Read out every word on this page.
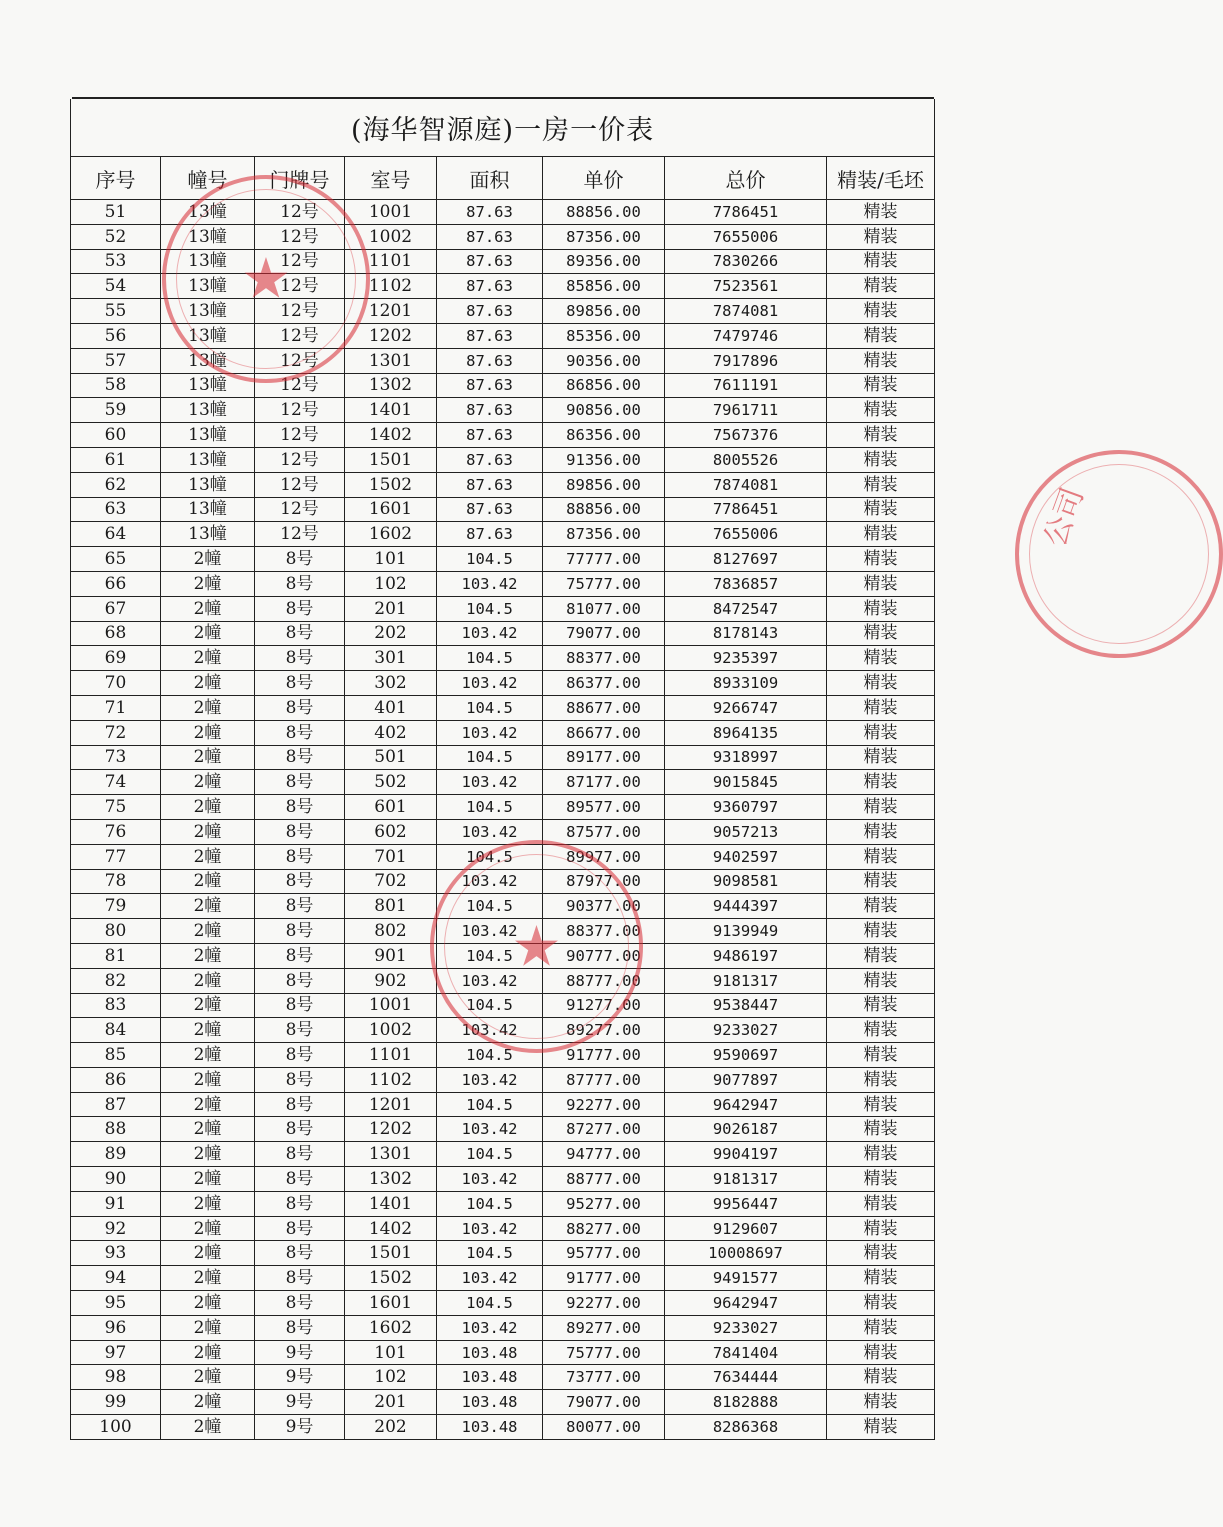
(海华智源庭)一房一价表							
序号	幢号	门牌号	室号	面积	单价	总价	精装/毛坯
51	13幢	12号	1001	87.63	88856.00	7786451	精装
52	13幢	12号	1002	87.63	87356.00	7655006	精装
53	13幢	12号	1101	87.63	89356.00	7830266	精装
54	13幢	12号	1102	87.63	85856.00	7523561	精装
55	13幢	12号	1201	87.63	89856.00	7874081	精装
56	13幢	12号	1202	87.63	85356.00	7479746	精装
57	13幢	12号	1301	87.63	90356.00	7917896	精装
58	13幢	12号	1302	87.63	86856.00	7611191	精装
59	13幢	12号	1401	87.63	90856.00	7961711	精装
60	13幢	12号	1402	87.63	86356.00	7567376	精装
61	13幢	12号	1501	87.63	91356.00	8005526	精装
62	13幢	12号	1502	87.63	89856.00	7874081	精装
63	13幢	12号	1601	87.63	88856.00	7786451	精装
64	13幢	12号	1602	87.63	87356.00	7655006	精装
65	2幢	8号	101	104.5	77777.00	8127697	精装
66	2幢	8号	102	103.42	75777.00	7836857	精装
67	2幢	8号	201	104.5	81077.00	8472547	精装
68	2幢	8号	202	103.42	79077.00	8178143	精装
69	2幢	8号	301	104.5	88377.00	9235397	精装
70	2幢	8号	302	103.42	86377.00	8933109	精装
71	2幢	8号	401	104.5	88677.00	9266747	精装
72	2幢	8号	402	103.42	86677.00	8964135	精装
73	2幢	8号	501	104.5	89177.00	9318997	精装
74	2幢	8号	502	103.42	87177.00	9015845	精装
75	2幢	8号	601	104.5	89577.00	9360797	精装
76	2幢	8号	602	103.42	87577.00	9057213	精装
77	2幢	8号	701	104.5	89977.00	9402597	精装
78	2幢	8号	702	103.42	87977.00	9098581	精装
79	2幢	8号	801	104.5	90377.00	9444397	精装
80	2幢	8号	802	103.42	88377.00	9139949	精装
81	2幢	8号	901	104.5	90777.00	9486197	精装
82	2幢	8号	902	103.42	88777.00	9181317	精装
83	2幢	8号	1001	104.5	91277.00	9538447	精装
84	2幢	8号	1002	103.42	89277.00	9233027	精装
85	2幢	8号	1101	104.5	91777.00	9590697	精装
86	2幢	8号	1102	103.42	87777.00	9077897	精装
87	2幢	8号	1201	104.5	92277.00	9642947	精装
88	2幢	8号	1202	103.42	87277.00	9026187	精装
89	2幢	8号	1301	104.5	94777.00	9904197	精装
90	2幢	8号	1302	103.42	88777.00	9181317	精装
91	2幢	8号	1401	104.5	95277.00	9956447	精装
92	2幢	8号	1402	103.42	88277.00	9129607	精装
93	2幢	8号	1501	104.5	95777.00	10008697	精装
94	2幢	8号	1502	103.42	91777.00	9491577	精装
95	2幢	8号	1601	104.5	92277.00	9642947	精装
96	2幢	8号	1602	103.42	89277.00	9233027	精装
97	2幢	9号	101	103.48	75777.00	7841404	精装
98	2幢	9号	102	103.48	73777.00	7634444	精装
99	2幢	9号	201	103.48	79077.00	8182888	精装
100	2幢	9号	202	103.48	80077.00	8286368	精装
★
★
公司
